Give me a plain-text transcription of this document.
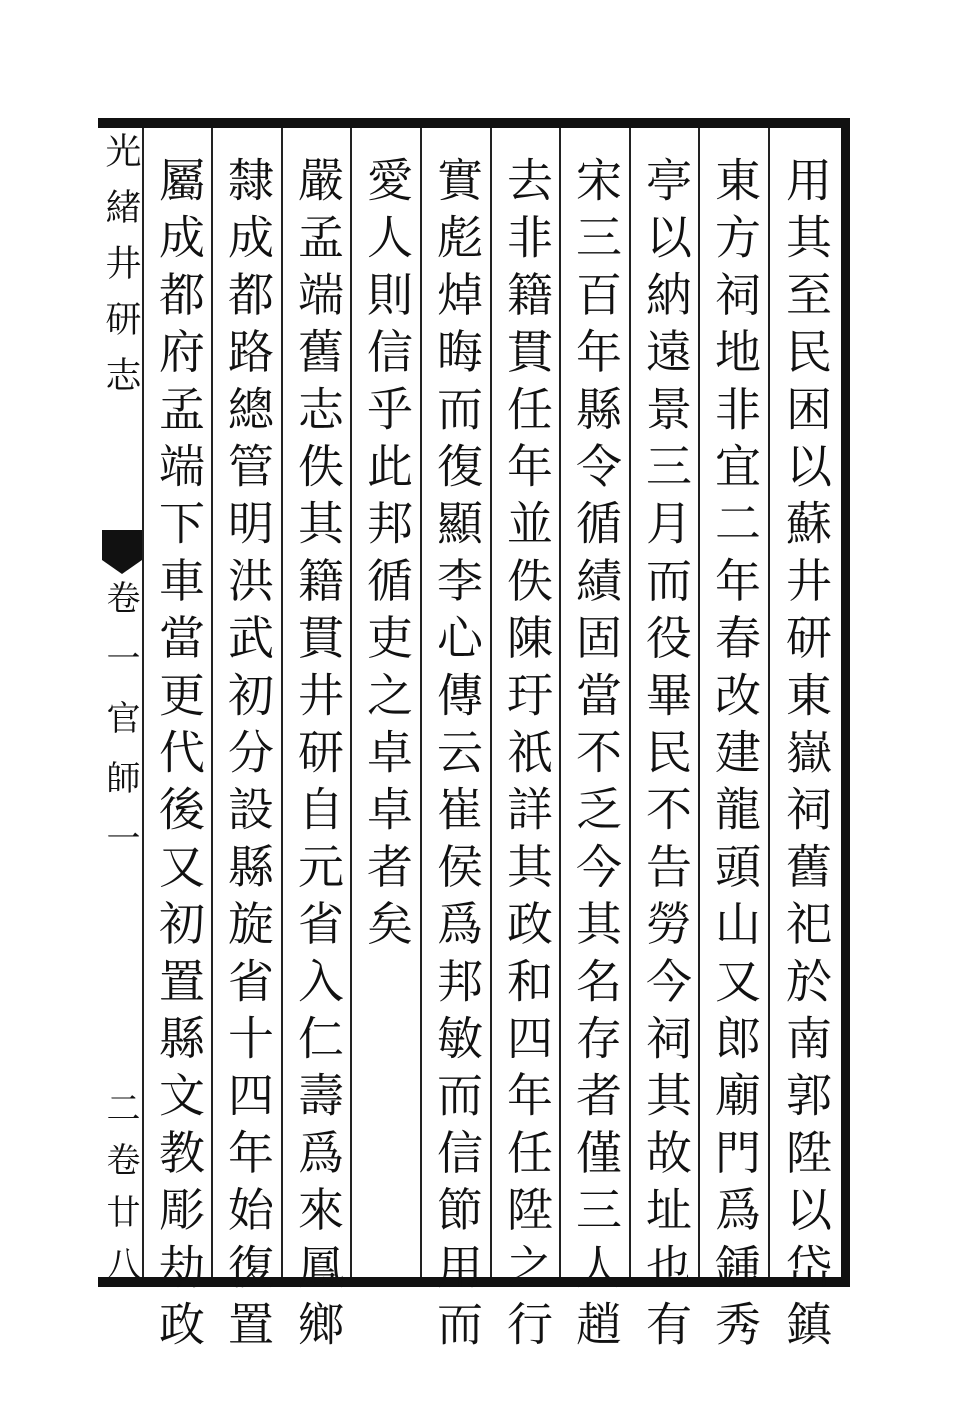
光緒井研志
卷一官師一
二卷廿八	用其至民困以蘇井研東嶽祠舊祀於南郭陞以岱鎮
東方祠地非宜二年春改建龍頭山又郎廟門爲鍾秀
亭以納遠景三月而役畢民不告勞今祠其故址也有
宋三百年縣令循績固當不乏今其名存者僅三人趙
去非籍貫任年並佚陳玗祇詳其政和四年任陞之行
實彪焯晦而復顯李心傳云崔侯爲邦敏而信節用而
愛人則信乎此邦循吏之卓卓者矣
嚴孟端舊志佚其籍貫井研自元省入仁壽爲來鳳鄉
隸成都路總管明洪武初分設縣旋省十四年始復置
屬成都府孟端下車當更代後又初置縣文教彫劫政
